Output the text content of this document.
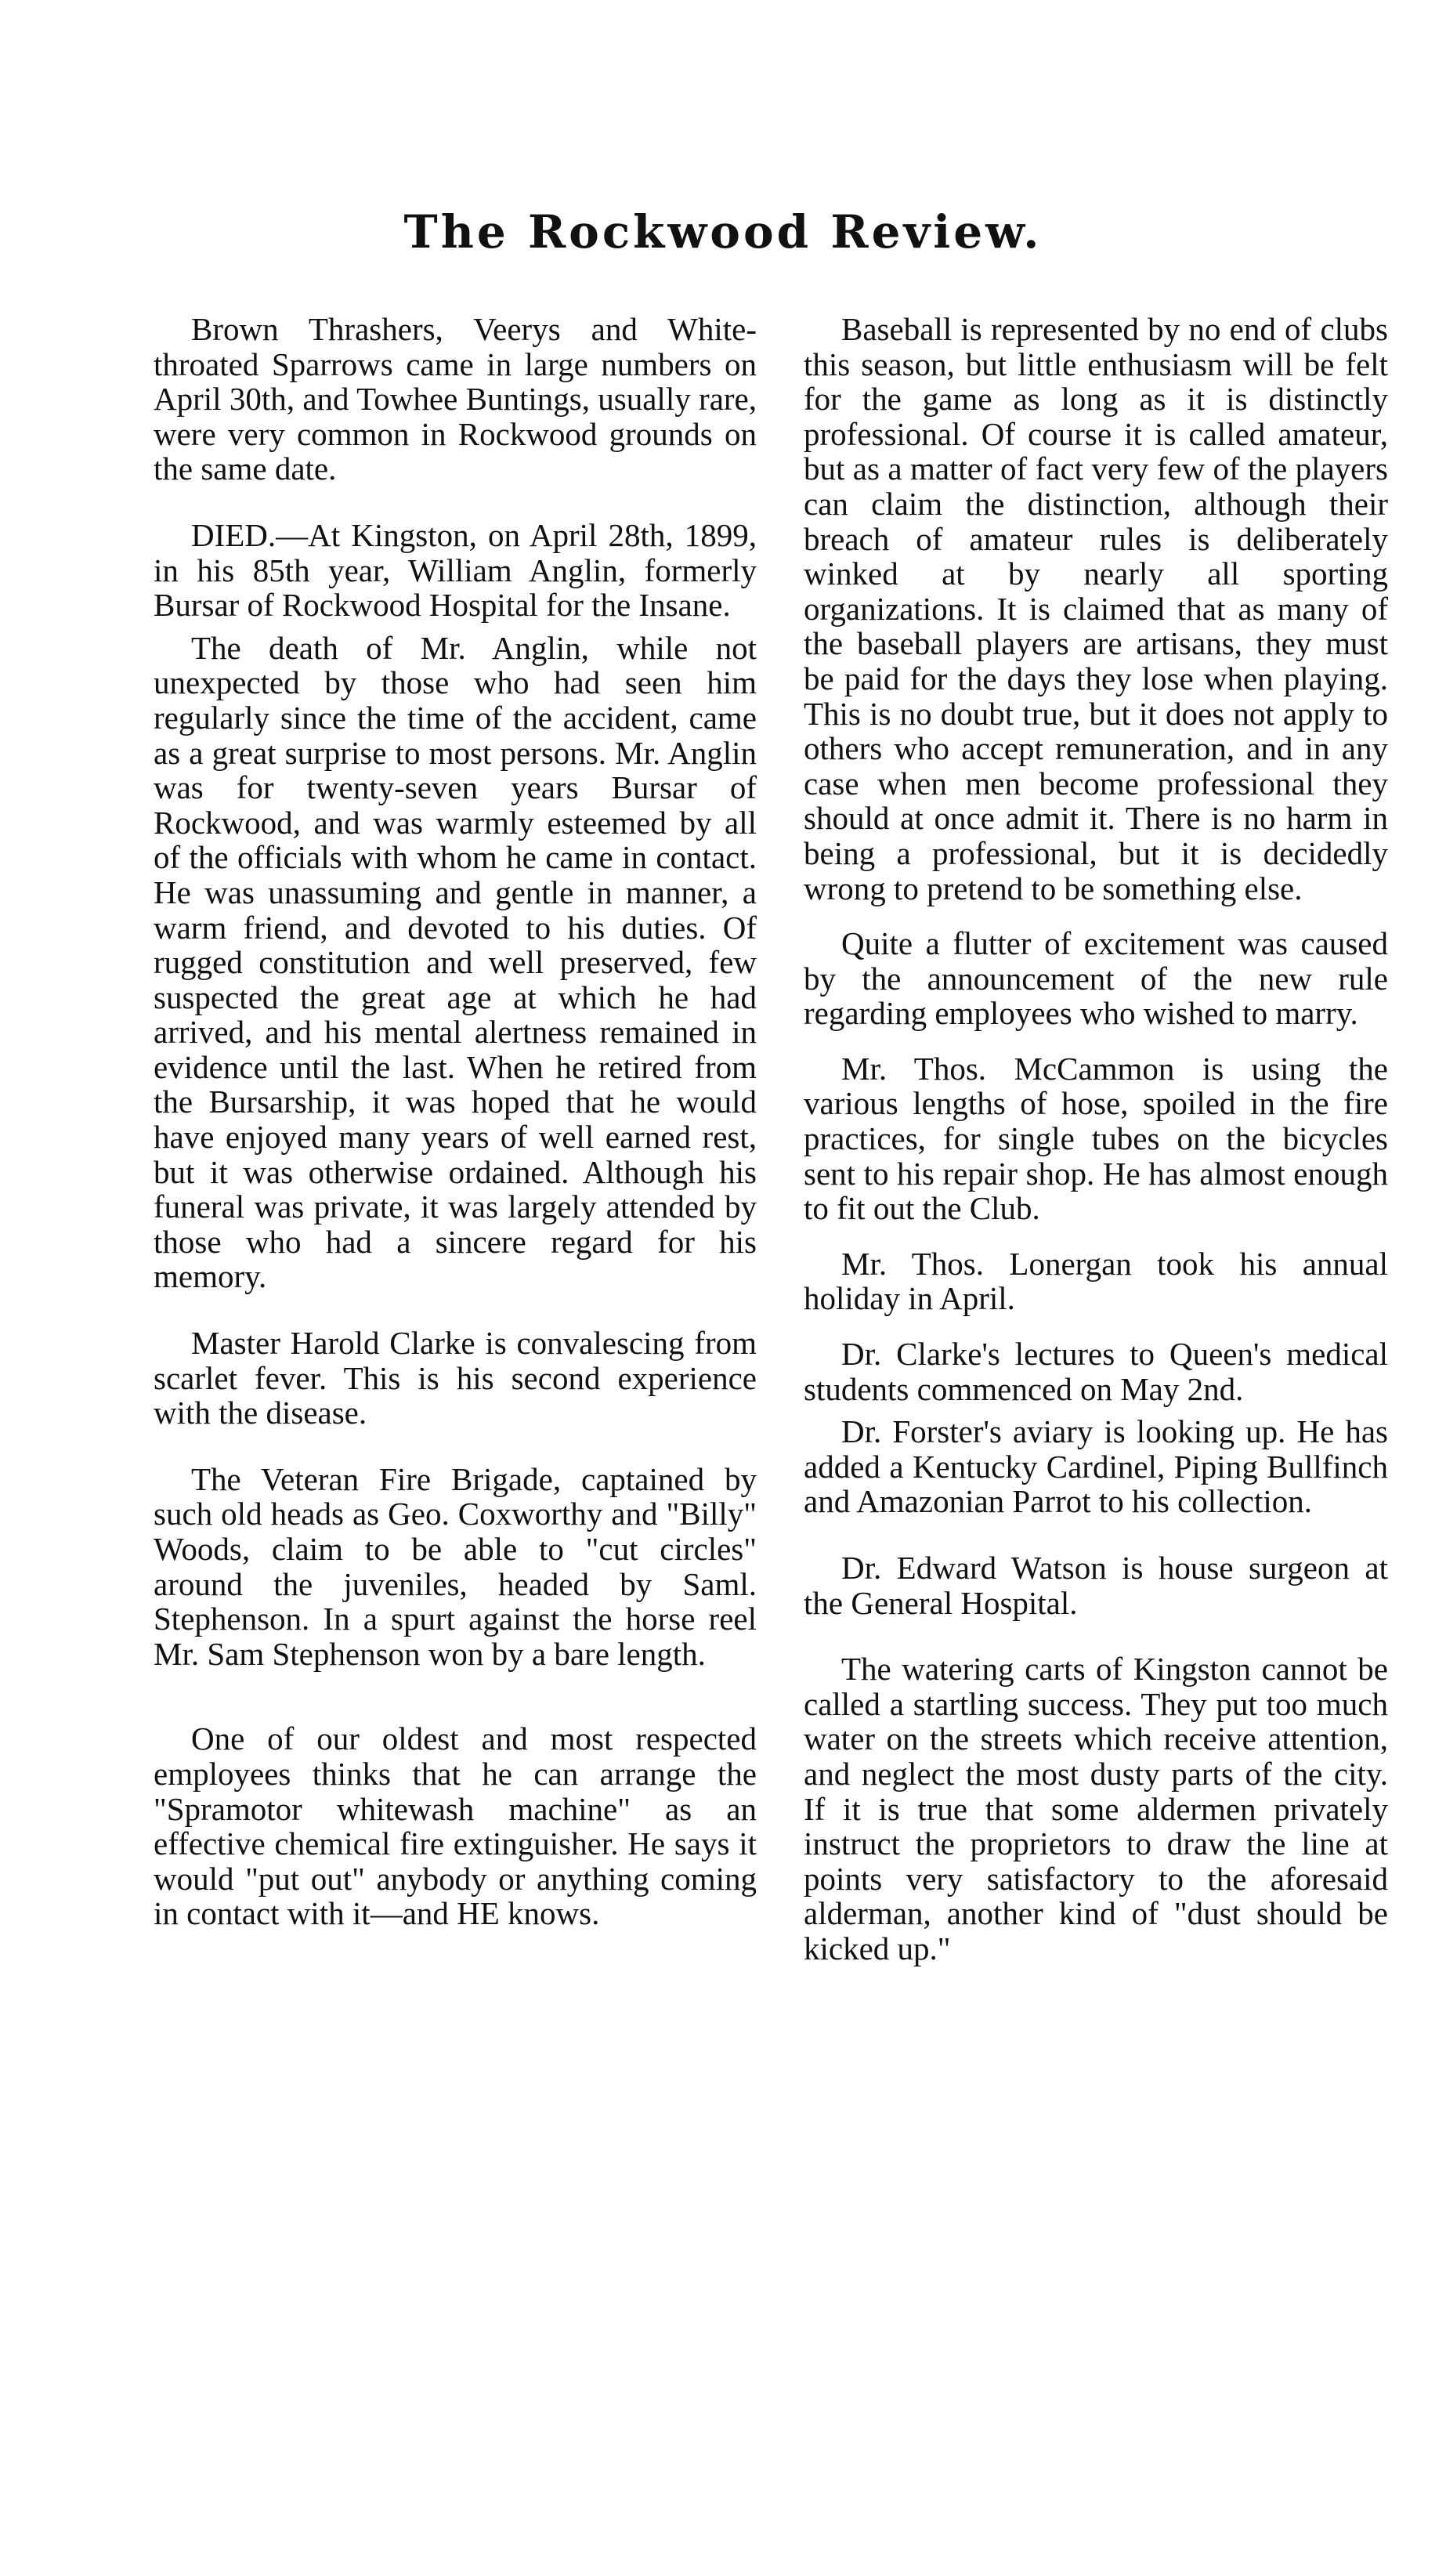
The Rockwood Review.

Brown Thrashers, Veerys and White-throated Sparrows came in large numbers on April 30th, and Towhee Buntings, usually rare, were very common in Rockwood grounds on the same date.

DIED.—At Kingston, on April 28th, 1899, in his 85th year, William Anglin, formerly Bursar of Rockwood Hospital for the Insane.

The death of Mr. Anglin, while not unexpected by those who had seen him regularly since the time of the accident, came as a great surprise to most persons. Mr. Anglin was for twenty-seven years Bursar of Rockwood, and was warmly esteemed by all of the officials with whom he came in contact. He was unassuming and gentle in manner, a warm friend, and devoted to his duties. Of rugged constitution and well preserved, few suspected the great age at which he had arrived, and his mental alertness remained in evidence until the last. When he retired from the Bursarship, it was hoped that he would have enjoyed many years of well earned rest, but it was otherwise ordained. Although his funeral was private, it was largely attended by those who had a sincere regard for his memory.

Master Harold Clarke is convalescing from scarlet fever. This is his second experience with the disease.

The Veteran Fire Brigade, captained by such old heads as Geo. Coxworthy and "Billy" Woods, claim to be able to "cut circles" around the juveniles, headed by Saml. Stephenson. In a spurt against the horse reel Mr. Sam Stephenson won by a bare length.

One of our oldest and most respected employees thinks that he can arrange the "Spramotor whitewash machine" as an effective chemical fire extinguisher. He says it would "put out" anybody or anything coming in contact with it—and HE knows.

Baseball is represented by no end of clubs this season, but little enthusiasm will be felt for the game as long as it is distinctly professional. Of course it is called amateur, but as a matter of fact very few of the players can claim the distinction, although their breach of amateur rules is deliberately winked at by nearly all sporting organizations. It is claimed that as many of the baseball players are artisans, they must be paid for the days they lose when playing. This is no doubt true, but it does not apply to others who accept remuneration, and in any case when men become professional they should at once admit it. There is no harm in being a professional, but it is decidedly wrong to pretend to be something else.

Quite a flutter of excitement was caused by the announcement of the new rule regarding employees who wished to marry.

Mr. Thos. McCammon is using the various lengths of hose, spoiled in the fire practices, for single tubes on the bicycles sent to his repair shop. He has almost enough to fit out the Club.

Mr. Thos. Lonergan took his annual holiday in April.

Dr. Clarke's lectures to Queen's medical students commenced on May 2nd.

Dr. Forster's aviary is looking up. He has added a Kentucky Cardinel, Piping Bullfinch and Amazonian Parrot to his collection.

Dr. Edward Watson is house surgeon at the General Hospital.

The watering carts of Kingston cannot be called a startling success. They put too much water on the streets which receive attention, and neglect the most dusty parts of the city. If it is true that some aldermen privately instruct the proprietors to draw the line at points very satisfactory to the aforesaid alderman, another kind of "dust should be kicked up."
